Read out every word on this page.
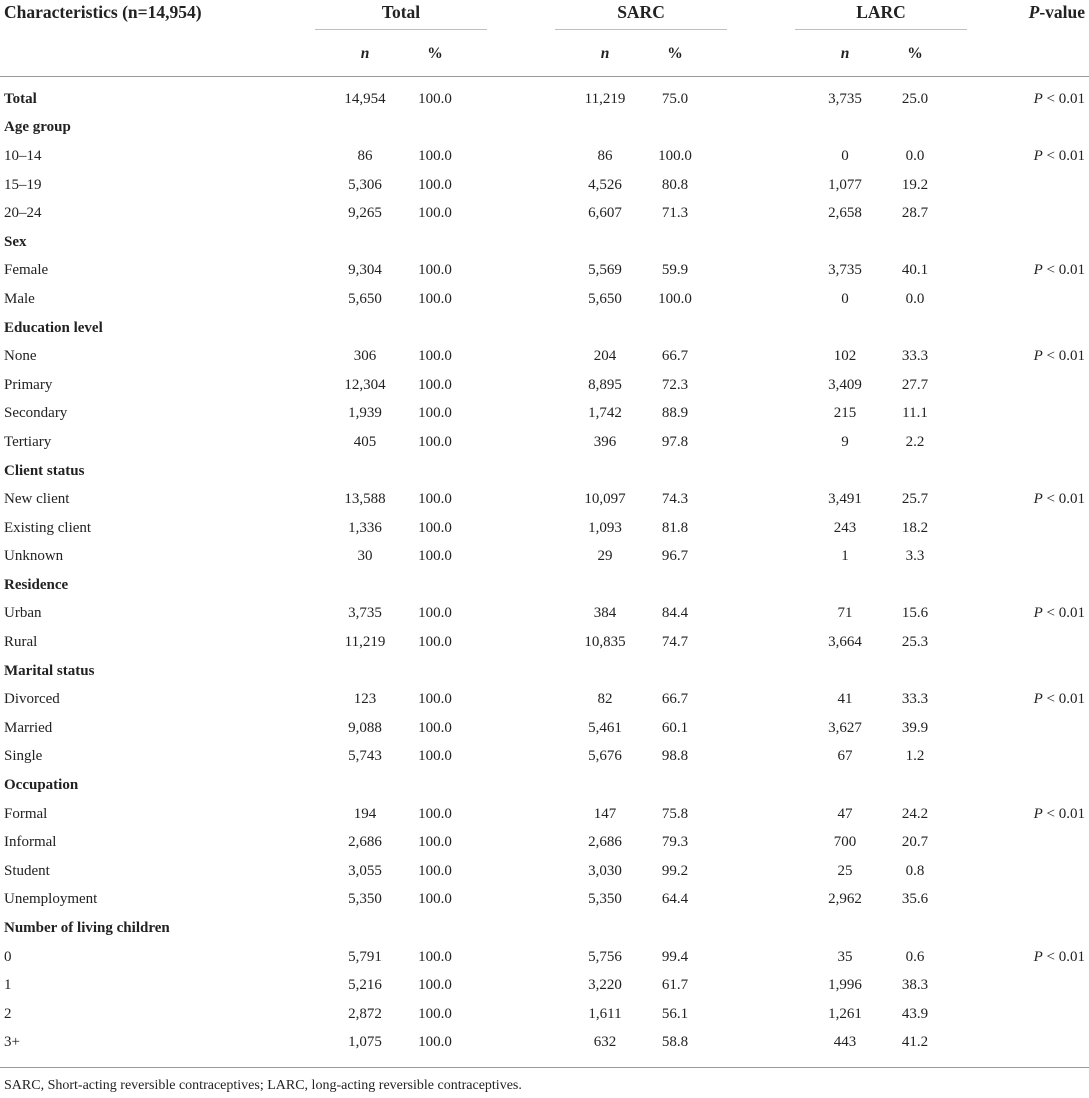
Characteristics (n=14,954)	Total		SARC		LARC		P-value
	n	%	n	%	n	%	

Total	14,954	100.0	11,219	75.0	3,735	25.0	P < 0.01
Age group							
10–14	86	100.0	86	100.0	0	0.0	P < 0.01
15–19	5,306	100.0	4,526	80.8	1,077	19.2	
20–24	9,265	100.0	6,607	71.3	2,658	28.7	
Sex							
Female	9,304	100.0	5,569	59.9	3,735	40.1	P < 0.01
Male	5,650	100.0	5,650	100.0	0	0.0	
Education level							
None	306	100.0	204	66.7	102	33.3	P < 0.01
Primary	12,304	100.0	8,895	72.3	3,409	27.7	
Secondary	1,939	100.0	1,742	88.9	215	11.1	
Tertiary	405	100.0	396	97.8	9	2.2	
Client status							
New client	13,588	100.0	10,097	74.3	3,491	25.7	P < 0.01
Existing client	1,336	100.0	1,093	81.8	243	18.2	
Unknown	30	100.0	29	96.7	1	3.3	
Residence							
Urban	3,735	100.0	384	84.4	71	15.6	P < 0.01
Rural	11,219	100.0	10,835	74.7	3,664	25.3	
Marital status							
Divorced	123	100.0	82	66.7	41	33.3	P < 0.01
Married	9,088	100.0	5,461	60.1	3,627	39.9	
Single	5,743	100.0	5,676	98.8	67	1.2	
Occupation							
Formal	194	100.0	147	75.8	47	24.2	P < 0.01
Informal	2,686	100.0	2,686	79.3	700	20.7	
Student	3,055	100.0	3,030	99.2	25	0.8	
Unemployment	5,350	100.0	5,350	64.4	2,962	35.6	
Number of living children							
0	5,791	100.0	5,756	99.4	35	0.6	P < 0.01
1	5,216	100.0	3,220	61.7	1,996	38.3	
2	2,872	100.0	1,611	56.1	1,261	43.9	
3+	1,075	100.0	632	58.8	443	41.2	

SARC, Short-acting reversible contraceptives; LARC, long-acting reversible contraceptives.
